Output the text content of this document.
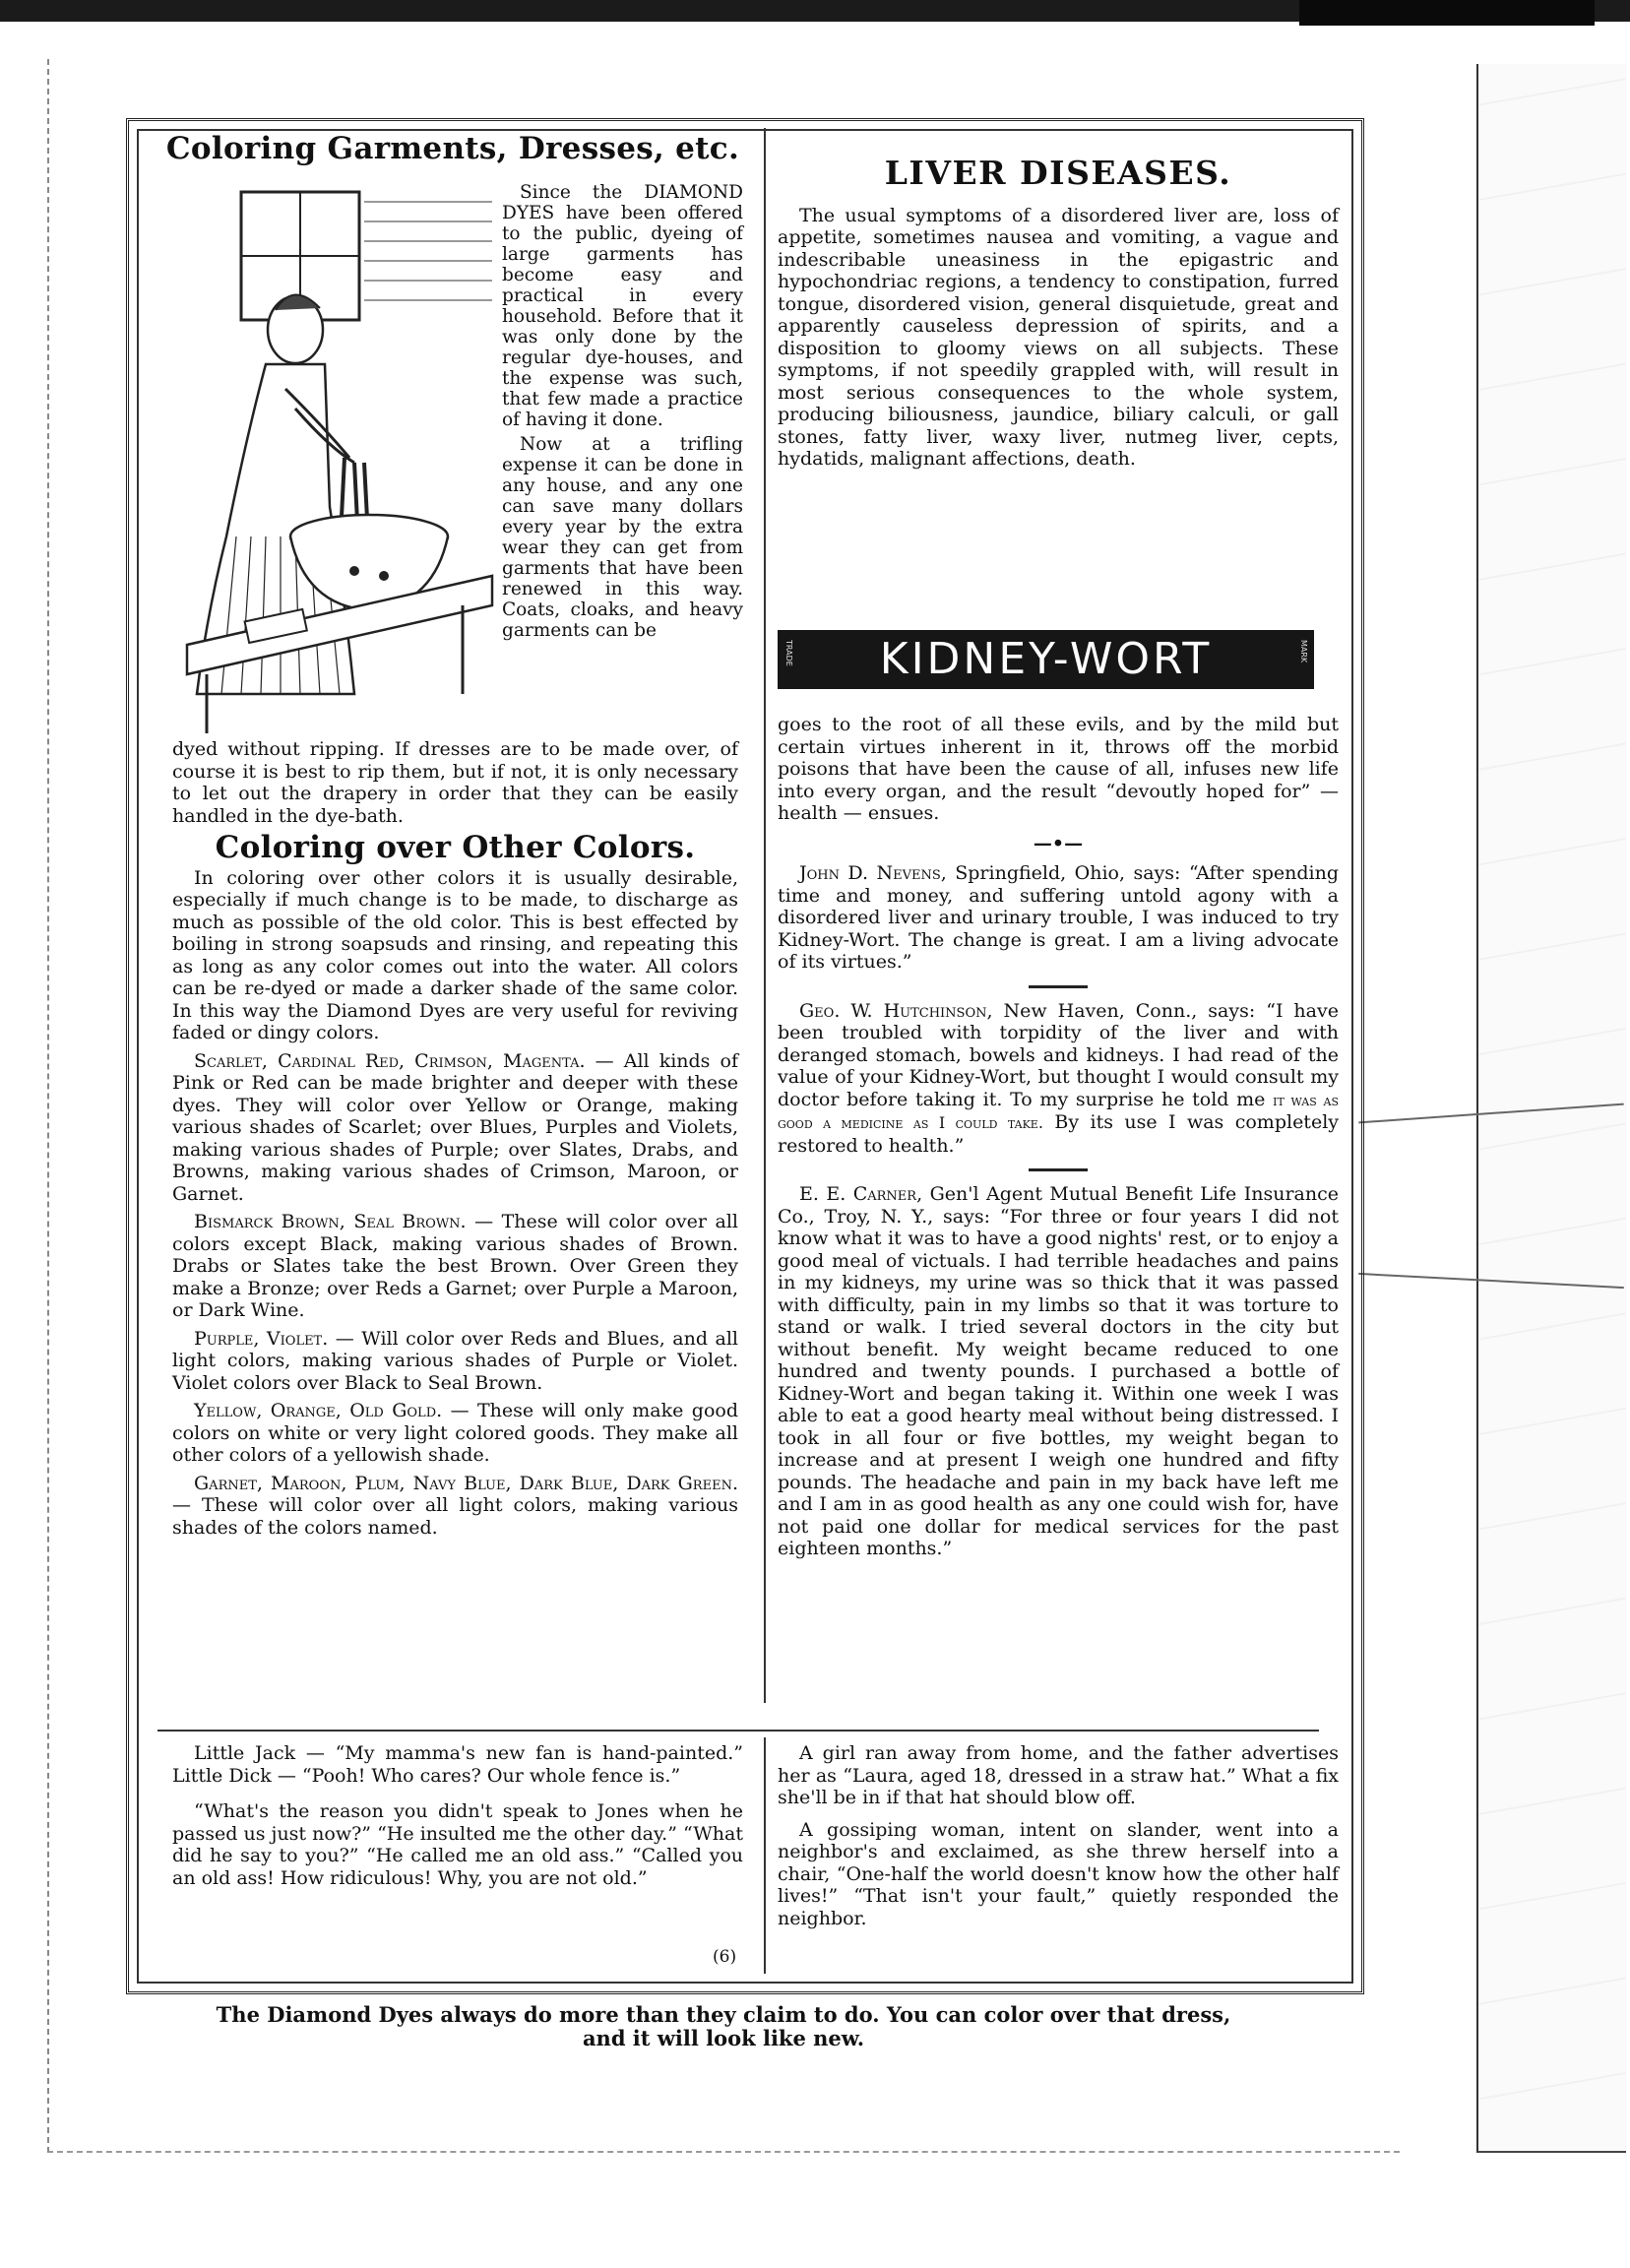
Coloring Garments, Dresses, etc.

Since the DIAMOND DYES have been offered to the public, dyeing of large garments has become easy and practical in every household. Before that it was only done by the regular dye-houses, and the expense was such, that few made a practice of having it done.

Now at a trifling expense it can be done in any house, and any one can save many dollars every year by the extra wear they can get from garments that have been renewed in this way. Coats, cloaks, and heavy garments can be

dyed without ripping. If dresses are to be made over, of course it is best to rip them, but if not, it is only necessary to let out the drapery in order that they can be easily handled in the dye-bath.

Coloring over Other Colors.

In coloring over other colors it is usually desirable, especially if much change is to be made, to discharge as much as possible of the old color. This is best effected by boiling in strong soapsuds and rinsing, and repeating this as long as any color comes out into the water. All colors can be re-dyed or made a darker shade of the same color. In this way the Diamond Dyes are very useful for reviving faded or dingy colors.

Scarlet, Cardinal Red, Crimson, Magenta. — All kinds of Pink or Red can be made brighter and deeper with these dyes. They will color over Yellow or Orange, making various shades of Scarlet; over Blues, Purples and Violets, making various shades of Purple; over Slates, Drabs, and Browns, making various shades of Crimson, Maroon, or Garnet.

Bismarck Brown, Seal Brown. — These will color over all colors except Black, making various shades of Brown. Drabs or Slates take the best Brown. Over Green they make a Bronze; over Reds a Garnet; over Purple a Maroon, or Dark Wine.

Purple, Violet. — Will color over Reds and Blues, and all light colors, making various shades of Purple or Violet. Violet colors over Black to Seal Brown.

Yellow, Orange, Old Gold. — These will only make good colors on white or very light colored goods. They make all other colors of a yellowish shade.

Garnet, Maroon, Plum, Navy Blue, Dark Blue, Dark Green. — These will color over all light colors, making various shades of the colors named.

LIVER DISEASES.

The usual symptoms of a disordered liver are, loss of appetite, sometimes nausea and vomiting, a vague and indescribable uneasiness in the epigastric and hypochondriac regions, a tendency to constipation, furred tongue, disordered vision, general disquietude, great and apparently causeless depression of spirits, and a disposition to gloomy views on all subjects. These symptoms, if not speedily grappled with, will result in most serious consequences to the whole system, producing biliousness, jaundice, biliary calculi, or gall stones, fatty liver, waxy liver, nutmeg liver, cepts, hydatids, malignant affections, death.

TRADE KIDNEY-WORT	MARK

goes to the root of all these evils, and by the mild but certain virtues inherent in it, throws off the morbid poisons that have been the cause of all, infuses new life into every organ, and the result “devoutly hoped for” — health — ensues.

—•—

John D. Nevens, Springfield, Ohio, says: “After spending time and money, and suffering untold agony with a disordered liver and urinary trouble, I was induced to try Kidney-Wort. The change is great. I am a living advocate of its virtues.”

Geo. W. Hutchinson, New Haven, Conn., says: “I have been troubled with torpidity of the liver and with deranged stomach, bowels and kidneys. I had read of the value of your Kidney-Wort, but thought I would consult my doctor before taking it. To my surprise he told me it was as good a medicine as I could take. By its use I was completely restored to health.”

E. E. Carner, Gen'l Agent Mutual Benefit Life Insurance Co., Troy, N. Y., says: “For three or four years I did not know what it was to have a good nights' rest, or to enjoy a good meal of victuals. I had terrible headaches and pains in my kidneys, my urine was so thick that it was passed with difficulty, pain in my limbs so that it was torture to stand or walk. I tried several doctors in the city but without benefit. My weight became reduced to one hundred and twenty pounds. I purchased a bottle of Kidney-Wort and began taking it. Within one week I was able to eat a good hearty meal without being distressed. I took in all four or five bottles, my weight began to increase and at present I weigh one hundred and fifty pounds. The headache and pain in my back have left me and I am in as good health as any one could wish for, have not paid one dollar for medical services for the past eighteen months.”

Little Jack — “My mamma's new fan is hand-painted.” Little Dick — “Pooh! Who cares? Our whole fence is.”

“What's the reason you didn't speak to Jones when he passed us just now?” “He insulted me the other day.” “What did he say to you?” “He called me an old ass.” “Called you an old ass! How ridiculous! Why, you are not old.”

A girl ran away from home, and the father advertises her as “Laura, aged 18, dressed in a straw hat.” What a fix she'll be in if that hat should blow off.

A gossiping woman, intent on slander, went into a neighbor's and exclaimed, as she threw herself into a chair, “One-half the world doesn't know how the other half lives!” “That isn't your fault,” quietly responded the neighbor.

(6)
The Diamond Dyes always do more than they claim to do. You can color over that dress,
and it will look like new.
